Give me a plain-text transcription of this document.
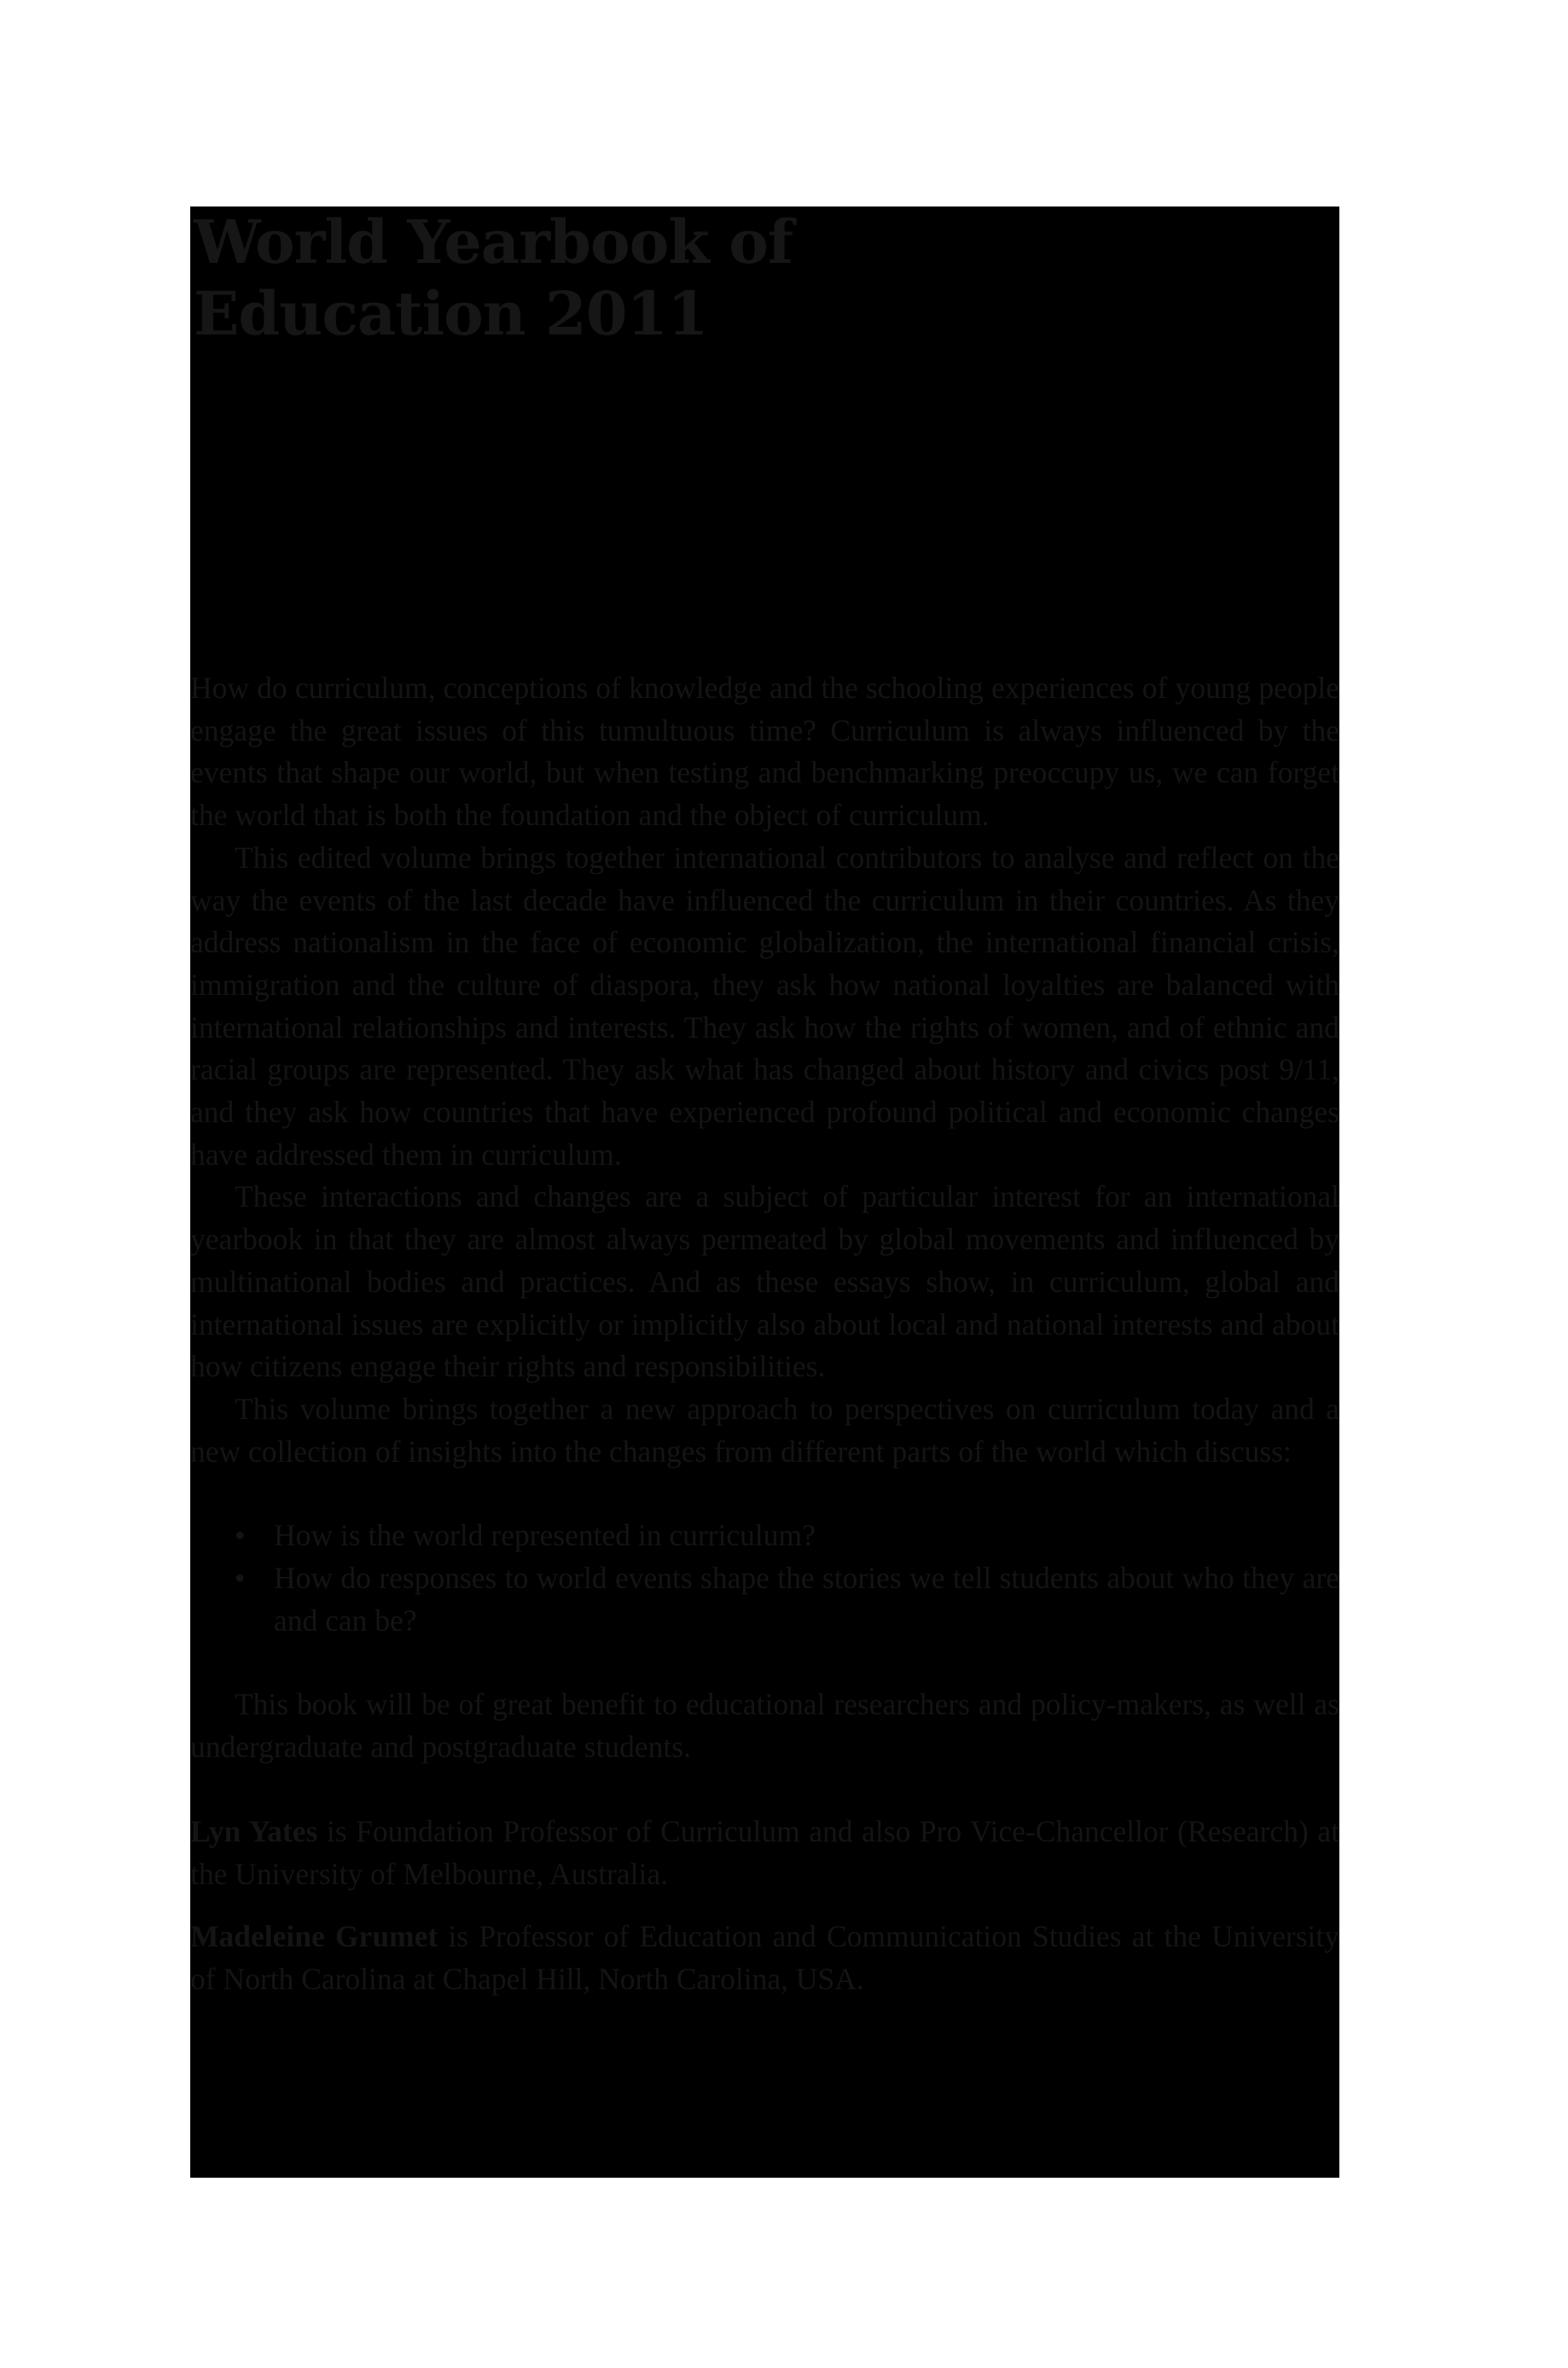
World Yearbook of
Education 2011

How do curriculum, conceptions of knowledge and the schooling experiences of young people engage the great issues of this tumultuous time? Curriculum is always influenced by the events that shape our world, but when testing and benchmarking preoccupy us, we can forget the world that is both the foundation and the object of curriculum.

This edited volume brings together international contributors to analyse and reflect on the way the events of the last decade have influenced the curriculum in their countries. As they address nationalism in the face of economic globalization, the international financial crisis, immigration and the culture of diaspora, they ask how national loyalties are balanced with international relationships and interests. They ask how the rights of women, and of ethnic and racial groups are represented. They ask what has changed about history and civics post 9/11, and they ask how countries that have experienced profound political and economic changes have addressed them in curriculum.

These interactions and changes are a subject of particular interest for an international yearbook in that they are almost always permeated by global movements and influenced by multinational bodies and practices. And as these essays show, in curriculum, global and international issues are explicitly or implicitly also about local and national interests and about how citizens engage their rights and responsibilities.

This volume brings together a new approach to perspectives on curriculum today and a new collection of insights into the changes from different parts of the world which discuss:

• How is the world represented in curriculum?
• How do responses to world events shape the stories we tell students about who they are and can be?

This book will be of great benefit to educational researchers and policy-makers, as well as undergraduate and postgraduate students.

Lyn Yates is Foundation Professor of Curriculum and also Pro Vice-Chancellor (Research) at the University of Melbourne, Australia.

Madeleine Grumet is Professor of Education and Communication Studies at the University of North Carolina at Chapel Hill, North Carolina, USA.
